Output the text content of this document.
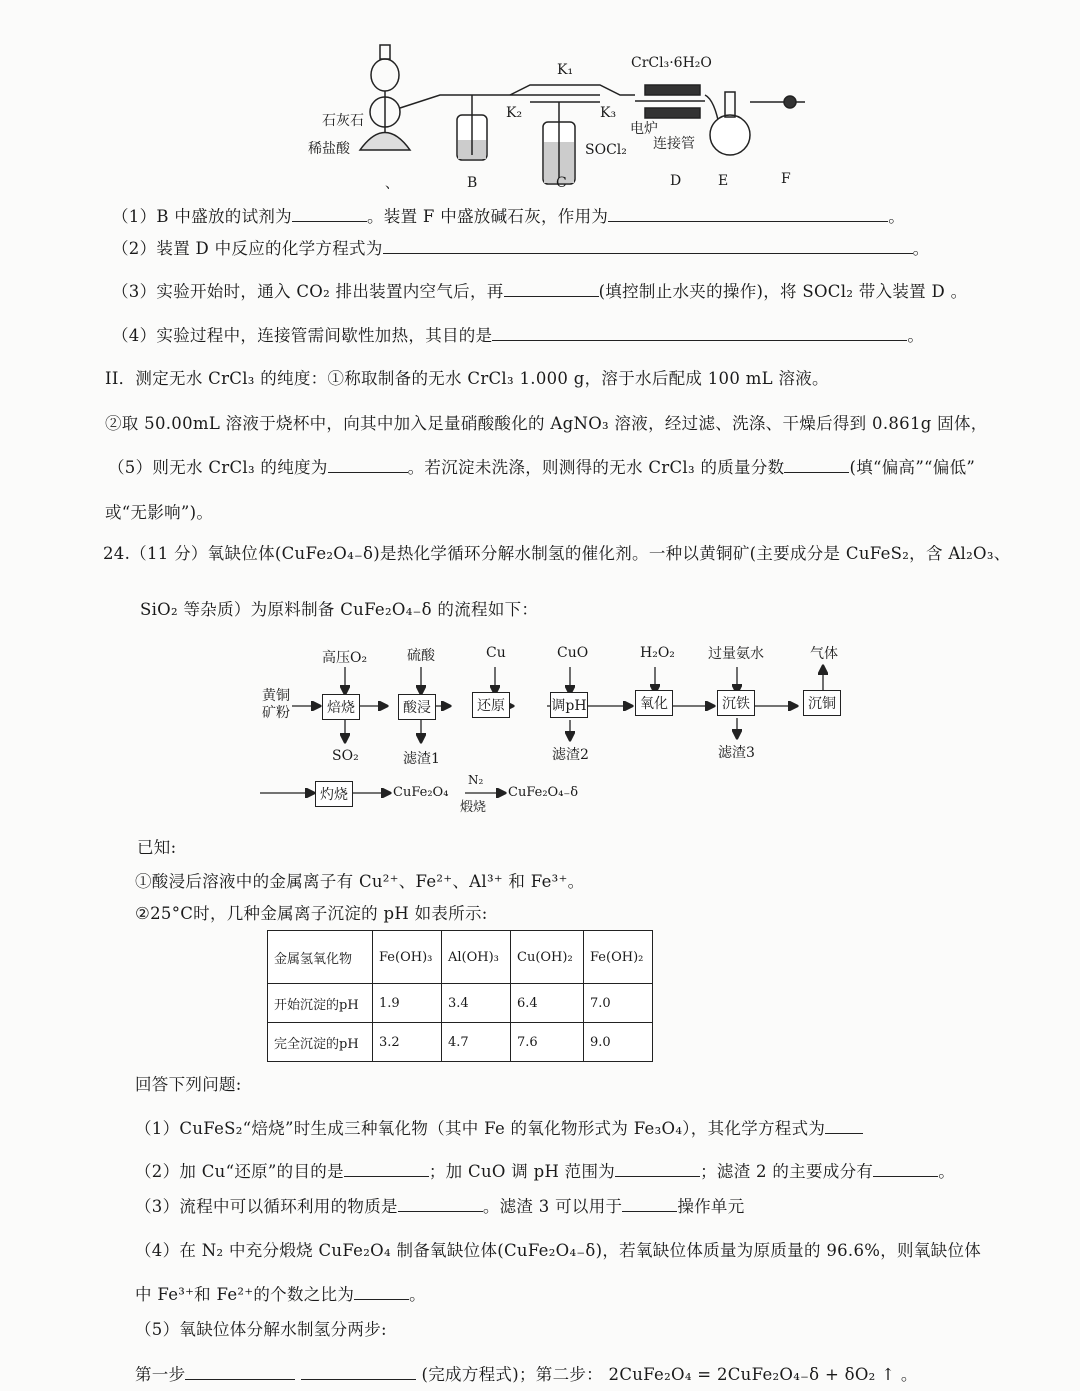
石灰石
稀盐酸
K₁
K₂	K₃
SOCl₂
CrCl₃·6H₂O
电炉
连接管
、	B	C	D	E	F
（1）B 中盛放的试剂为	。装置 F 中盛放碱石灰，作用为	。
（2）装置 D 中反应的化学方程式为	。
（3）实验开始时，通入 CO₂ 排出装置内空气后，再	(填控制止水夹的操作)，将 SOCl₂ 带入装置 D 。
（4）实验过程中，连接管需间歇性加热，其目的是	。
II．测定无水 CrCl₃ 的纯度：①称取制备的无水 CrCl₃ 1.000 g，溶于水后配成 100 mL 溶液。
②取 50.00mL 溶液于烧杯中，向其中加入足量硝酸酸化的 AgNO₃ 溶液，经过滤、洗涤、干燥后得到 0.861g 固体，
（5）则无水 CrCl₃ 的纯度为	。若沉淀未洗涤，则测得的无水 CrCl₃ 的质量分数	(填“偏高”“偏低”
或“无影响”)。
24.（11 分）氧缺位体(CuFe₂O₄₋δ)是热化学循环分解水制氢的催化剂。一种以黄铜矿(主要成分是 CuFeS₂，含 Al₂O₃、
SiO₂ 等杂质）为原料制备 CuFe₂O₄₋δ 的流程如下：
黄铜矿粉	焙烧	酸浸	还原	调pH	氧化	沉铁	沉铜
高压O₂	硫酸	Cu	CuO	H₂O₂ 过量氨水	气体
SO₂	滤渣1	滤渣2	滤渣3
灼烧	CuFe₂O₄
N₂
煅烧
CuFe₂O₄₋δ
已知:
①酸浸后溶液中的金属离子有 Cu²⁺、Fe²⁺、Al³⁺ 和 Fe³⁺。
②25°C时，几种金属离子沉淀的 pH 如表所示:
金属氢氧化物	Fe(OH)₃	Al(OH)₃	Cu(OH)₂	Fe(OH)₂
开始沉淀的pH	1.9	3.4	6.4	7.0
完全沉淀的pH	3.2	4.7	7.6	9.0
回答下列问题:
（1）CuFeS₂“焙烧”时生成三种氧化物（其中 Fe 的氧化物形式为 Fe₃O₄），其化学方程式为
（2）加 Cu“还原”的目的是	；加 CuO 调 pH 范围为	；滤渣 2 的主要成分有	。
（3）流程中可以循环利用的物质是	。滤渣 3 可以用于	操作单元
（4）在 N₂ 中充分煅烧 CuFe₂O₄ 制备氧缺位体(CuFe₂O₄₋δ)，若氧缺位体质量为原质量的 96.6%，则氧缺位体
中 Fe³⁺和 Fe²⁺的个数之比为	。
（5）氧缺位体分解水制氢分两步:
第一步	(完成方程式)；第二步： 2CuFe₂O₄ = 2CuFe₂O₄₋δ + δO₂ ↑ 。
